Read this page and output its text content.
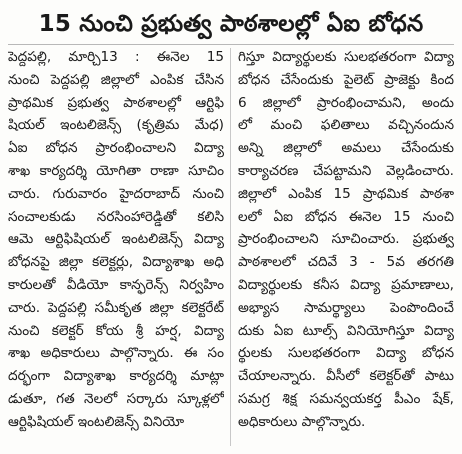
15 నుంచి ప్రభుత్వ పాఠశాలల్లో ఏఐ బోధన
పెద్దపల్లి, మార్చి13 : ఈనెల 15
నుంచి పెద్దపల్లి జిల్లాలో ఎంపిక చేసిన
ప్రాథమిక ప్రభుత్వ పాఠశాలల్లో ఆర్టిఫి
షియల్ ఇంటలిజెన్స్ (కృత్రిమ మేధ)
ఏఐ బోధన ప్రారంభించాలని విద్యా
శాఖ కార్యదర్శి యోగితా రాణా సూచిం
చారు. గురువారం హైదరాబాద్ నుంచి
సంచాలకుడు నరసింహారెడ్డితో కలిసి
ఆమె ఆర్టిఫిషియల్ ఇంటలిజెన్స్ విద్యా
బోధనపై జిల్లా కలెక్టర్లు, విద్యాశాఖ అధి
కారులతో వీడియో కాన్ఫరెన్స్ నిర్వహిం
చారు. పెద్దపల్లి సమీకృత జిల్లా కలెక్టరేట్
నుంచి కలెక్టర్ కోయ శ్రీ హర్ష, విద్యా
శాఖ అధికారులు పాల్గొన్నారు. ఈ సం
దర్భంగా విద్యాశాఖ కార్యదర్శి మాట్లా
డుతూ, గత నెలలో సర్కారు స్కూళ్లలో
ఆర్టిఫిషియల్ ఇంటలిజెన్స్ వినియో
గిస్తూ విద్యార్థులకు సులభతరంగా విద్యా
బోధన చేసేందుకు పైలెట్ ప్రాజెక్టు కింద
6 జిల్లాలో ప్రారంభించామని, అందు
లో మంచి ఫలితాలు వచ్చినందున
అన్ని జిల్లాలో అమలు చేసేందుకు
కార్యాచరణ చేపట్టామని వెల్లడించారు.
జిల్లాలో ఎంపిక 15 ప్రాథమిక పాఠశా
లలో ఏఐ బోధన ఈనెల 15 నుంచి
ప్రారంభించాలని సూచించారు. ప్రభుత్వ
పాఠశాలలో చదివే 3 - 5వ తరగతి
విద్యార్థులకు కనీస విద్యా ప్రమాణాలు,
అభ్యాస సామర్థ్యాలు పెంపొందించే
దుకు ఏఐ టూల్స్ వినియోగిస్తూ విద్యా
ర్థులకు సులభతరంగా విద్యా బోధన
చేయాలన్నారు. వీసీలో కలెక్టర్‌తో పాటు
సమగ్ర శిక్ష సమన్వయకర్త పీఎం షేక్,
అధికారులు పాల్గొన్నారు.
